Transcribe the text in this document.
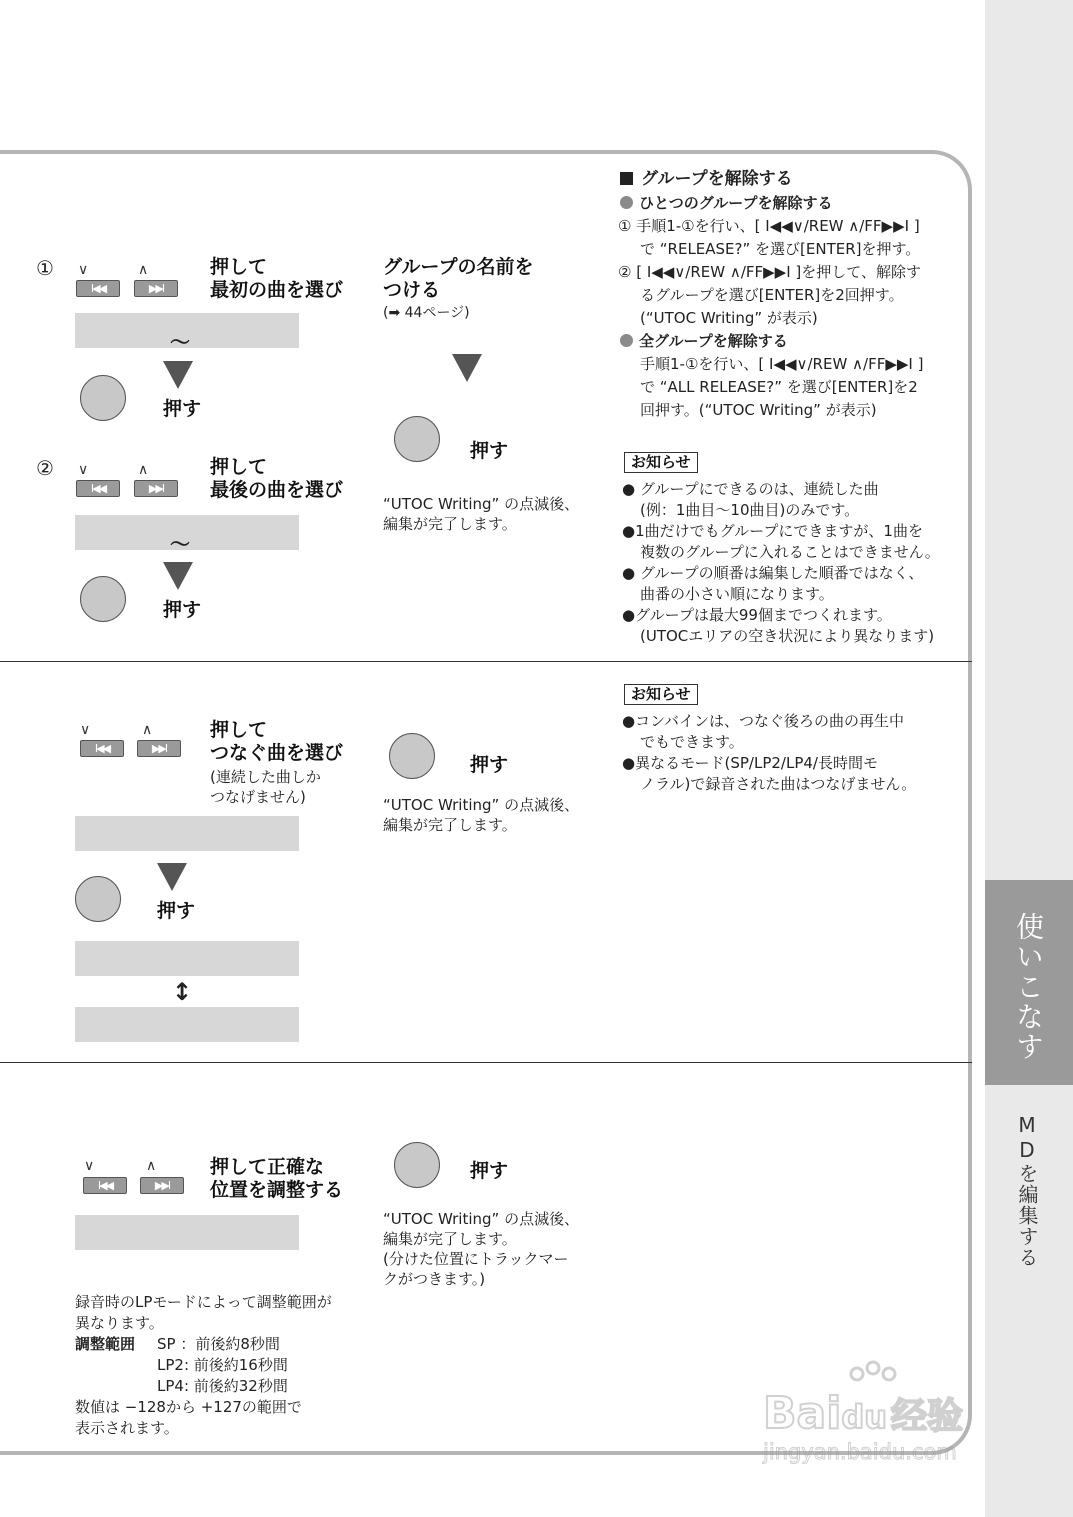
使いこなす
MDを編集する
① ∨	∧
I◀◀	▶▶I
押して
最初の曲を選び
〜
押す
② ∨	∧
I◀◀	▶▶I
押して
最後の曲を選び
〜
押す
グループの名前を
つける
(➡ 44ページ)
押す
“UTOC Writing” の点滅後、
編集が完了します。
グループを解除する
ひとつのグループを解除する
① 手順1-①を行い、[ I◀◀∨/REW ∧/FF▶▶I ]
で “RELEASE?” を選び[ENTER]を押す。
② [ I◀◀∨/REW ∧/FF▶▶I ]を押して、解除す
るグループを選び[ENTER]を2回押す。
(“UTOC Writing” が表示)
全グループを解除する
手順1-①を行い、[ I◀◀∨/REW ∧/FF▶▶I ]
で “ALL RELEASE?” を選び[ENTER]を2
回押す。(“UTOC Writing” が表示)
お知らせ
● グループにできるのは、連続した曲
(例：1曲目〜10曲目)のみです。
●1曲だけでもグループにできますが、1曲を
複数のグループに入れることはできません。
● グループの順番は編集した順番ではなく、
曲番の小さい順になります。
●グループは最大99個までつくれます。
(UTOCエリアの空き状況により異なります)
∨	∧
I◀◀	▶▶I
押して
つなぐ曲を選び
(連続した曲しか
つなげません)
押す
↕
押す
“UTOC Writing” の点滅後、
編集が完了します。
お知らせ
●コンバインは、つなぐ後ろの曲の再生中
でもできます。
●異なるモード(SP/LP2/LP4/長時間モ
ノラル)で録音された曲はつなげません。
∨	∧
I◀◀	▶▶I
押して正確な
位置を調整する
押す
“UTOC Writing” の点滅後、
編集が完了します。
(分けた位置にトラックマー
クがつきます。)
録音時のLPモードによって調整範囲が
異なります。
調整範囲 SP ：前後約8秒間
LP2: 前後約16秒間
LP4: 前後約32秒間
数値は −128から +127の範囲で
表示されます。	Baidu 经验
jingyan.baidu.com
